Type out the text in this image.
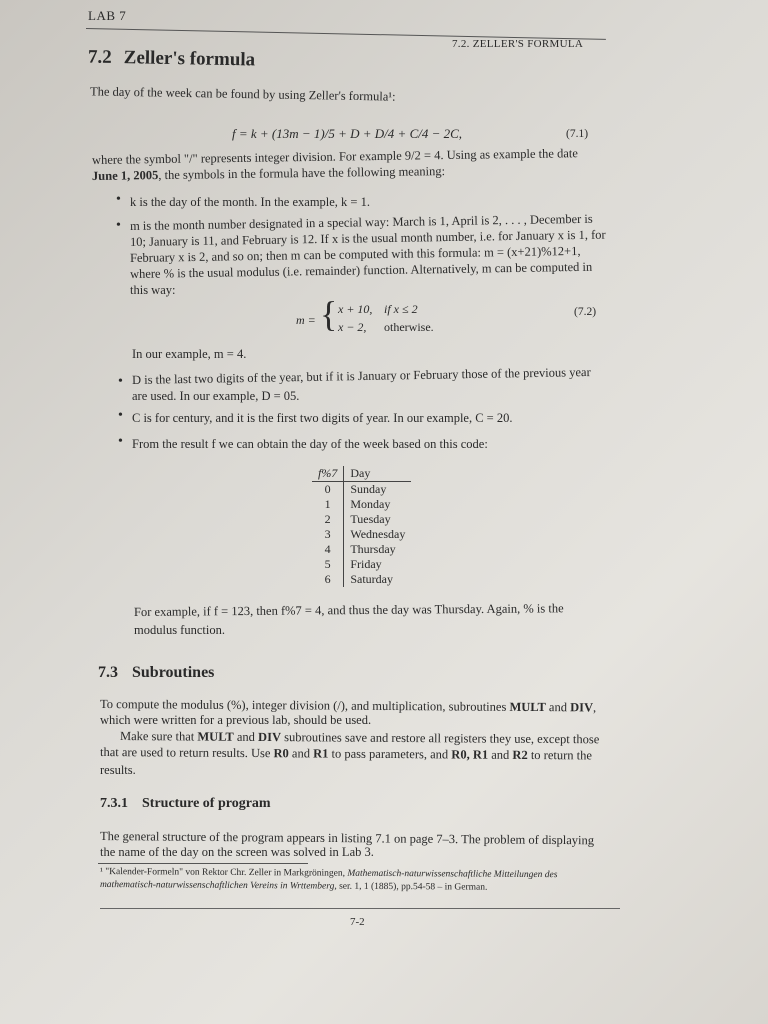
LAB 7
7.2. ZELLER'S FORMULA
7.2 Zeller's formula
The day of the week can be found by using Zeller's formula¹:
f = k + (13m − 1)/5 + D + D/4 + C/4 − 2C,	(7.1)
where the symbol "/" represents integer division. For example 9/2 = 4. Using as example the date
June 1, 2005, the symbols in the formula have the following meaning:
• k is the day of the month. In the example, k = 1.
• m is the month number designated in a special way: March is 1, April is 2, . . . , December is
10; January is 11, and February is 12. If x is the usual month number, i.e. for January x is 1, for
February x is 2, and so on; then m can be computed with this formula: m = (x+21)%12+1,
where % is the usual modulus (i.e. remainder) function. Alternatively, m can be computed in
this way:
m = { x + 10, if x ≤ 2
x − 2, otherwise.
(7.2)
In our example, m = 4.
• D is the last two digits of the year, but if it is January or February those of the previous year
are used. In our example, D = 05.
• C is for century, and it is the first two digits of year. In our example, C = 20.
• From the result f we can obtain the day of the week based on this code:
f%7	Day
0	Sunday
1	Monday
2	Tuesday
3	Wednesday
4	Thursday
5	Friday
6	Saturday
For example, if f = 123, then f%7 = 4, and thus the day was Thursday. Again, % is the
modulus function.
7.3 Subroutines
To compute the modulus (%), integer division (/), and multiplication, subroutines MULT and DIV,
which were written for a previous lab, should be used.
Make sure that MULT and DIV subroutines save and restore all registers they use, except those
that are used to return results. Use R0 and R1 to pass parameters, and R0, R1 and R2 to return the
results.
7.3.1 Structure of program
The general structure of the program appears in listing 7.1 on page 7–3. The problem of displaying
the name of the day on the screen was solved in Lab 3.
¹ "Kalender-Formeln" von Rektor Chr. Zeller in Markgröningen, Mathematisch-naturwissenschaftliche Mitteilungen des
mathematisch-naturwissenschaftlichen Vereins in Wrttemberg, ser. 1, 1 (1885), pp.54-58 – in German.
7-2
